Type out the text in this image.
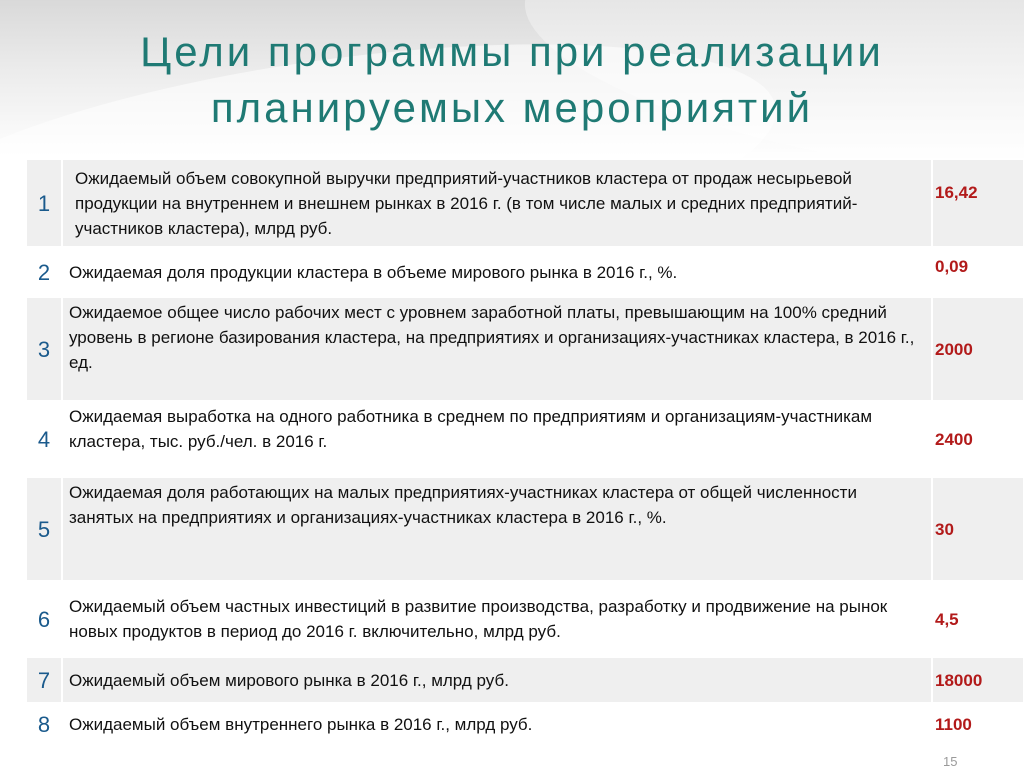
Цели программы при реализации
планируемых мероприятий
1	Ожидаемый объем совокупной выручки предприятий-участников кластера от продаж несырьевой продукции на внутреннем и внешнем рынках в 2016 г. (в том числе малых и средних предприятий-участников кластера), млрд руб.	16,42
2	Ожидаемая доля продукции кластера в объеме мирового рынка в 2016 г., %.	0,09
3	Ожидаемое общее число рабочих мест с уровнем заработной платы, превышающим на 100% средний уровень в регионе базирования кластера, на предприятиях и организациях-участниках кластера, в 2016 г., ед.	2000
4	Ожидаемая выработка на одного работника в среднем по предприятиям и организациям-участникам кластера, тыс. руб./чел. в 2016 г.	2400
5	Ожидаемая доля работающих на малых предприятиях-участниках кластера от общей численности занятых на предприятиях и организациях-участниках кластера в 2016 г., %.	30
6	Ожидаемый объем частных инвестиций в развитие производства, разработку и продвижение на рынок новых продуктов в период до 2016 г. включительно, млрд руб.	4,5
7	Ожидаемый объем мирового рынка в 2016 г., млрд руб.	18000
8	Ожидаемый объем внутреннего рынка в 2016 г., млрд руб.	1100
15
